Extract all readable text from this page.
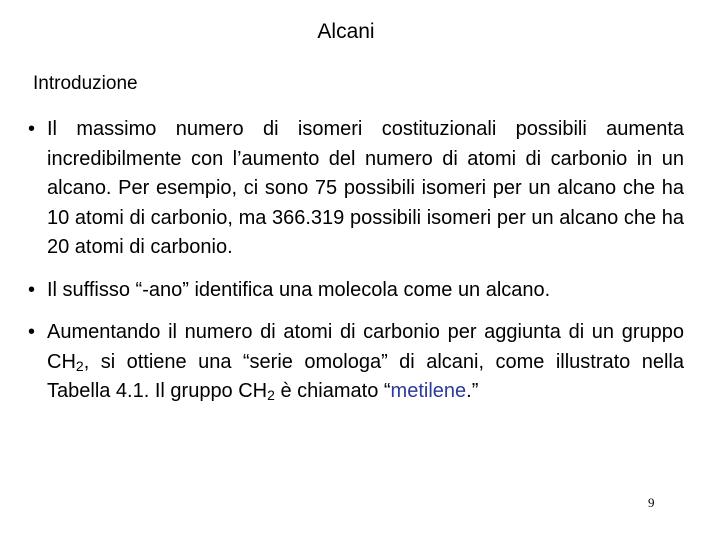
Alcani
Introduzione
• Il massimo numero di isomeri costituzionali possibili aumenta incredibilmente con l’aumento del numero di atomi di carbonio in un alcano. Per esempio, ci sono 75 possibili isomeri per un alcano che ha 10 atomi di carbonio, ma 366.319 possibili isomeri per un alcano che ha 20 atomi di carbonio.
• Il suffisso “-ano” identifica una molecola come un alcano.
• Aumentando il numero di atomi di carbonio per aggiunta di un gruppo $CH_2$, si ottiene una “serie omologa” di alcani, come illustrato nella Tabella 4.1. Il gruppo $CH_2$ è chiamato “metilene.”
9
